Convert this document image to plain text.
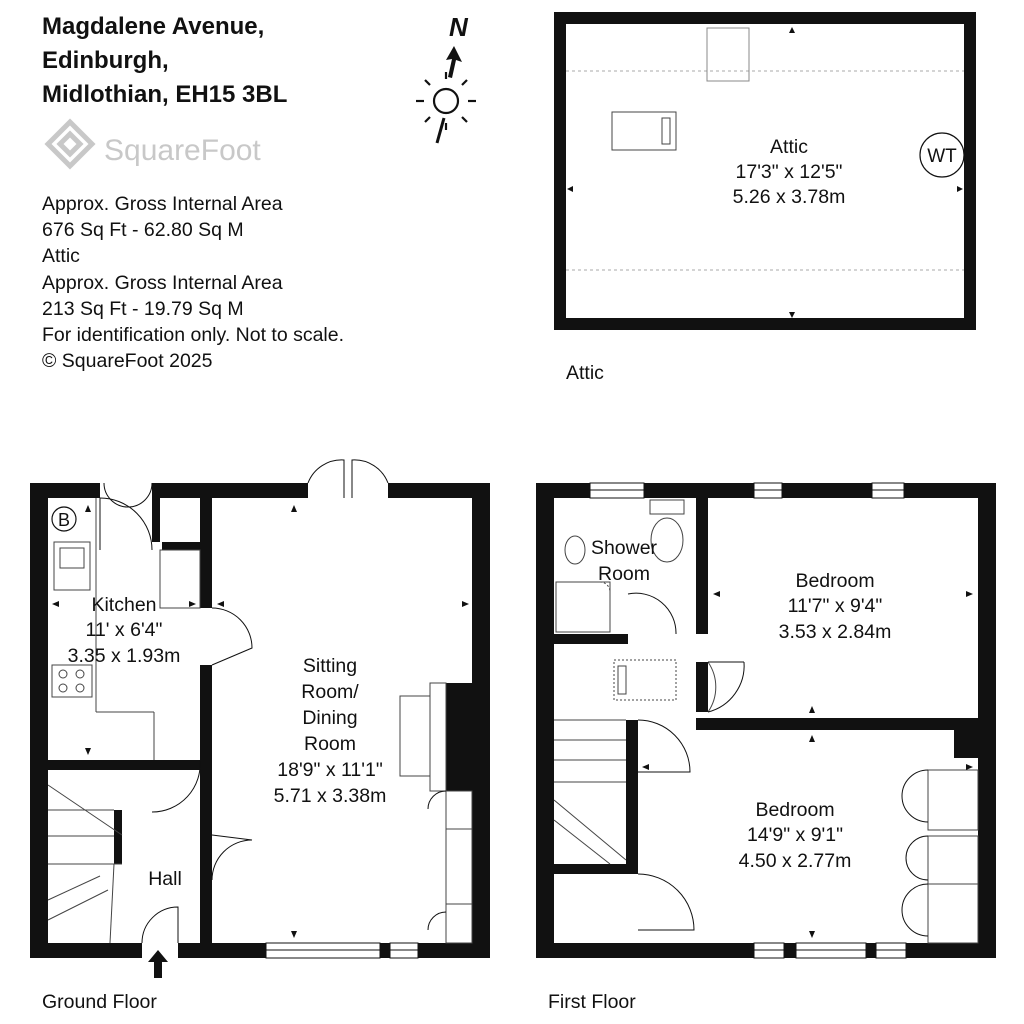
Magdalene Avenue,
Edinburgh,
Midlothian, EH15 3BL
SquareFoot
Approx. Gross Internal Area
676 Sq Ft - 62.80 Sq M
Attic
Approx. Gross Internal Area
213 Sq Ft - 19.79 Sq M
For identification only. Not to scale.
© SquareFoot 2025
Attic
Ground Floor	First Floor
N
WT
Attic
17'3" x 12'5"
5.26 x 3.78m
B
Kitchen
11' x 6'4"
3.35 x 1.93m	Sitting
Room/
Dining
Room
18'9" x 11'1"
5.71 x 3.38m
Hall
Shower
Room	Bedroom
11'7" x 9'4"
3.53 x 2.84m
Bedroom
14'9" x 9'1"
4.50 x 2.77m
